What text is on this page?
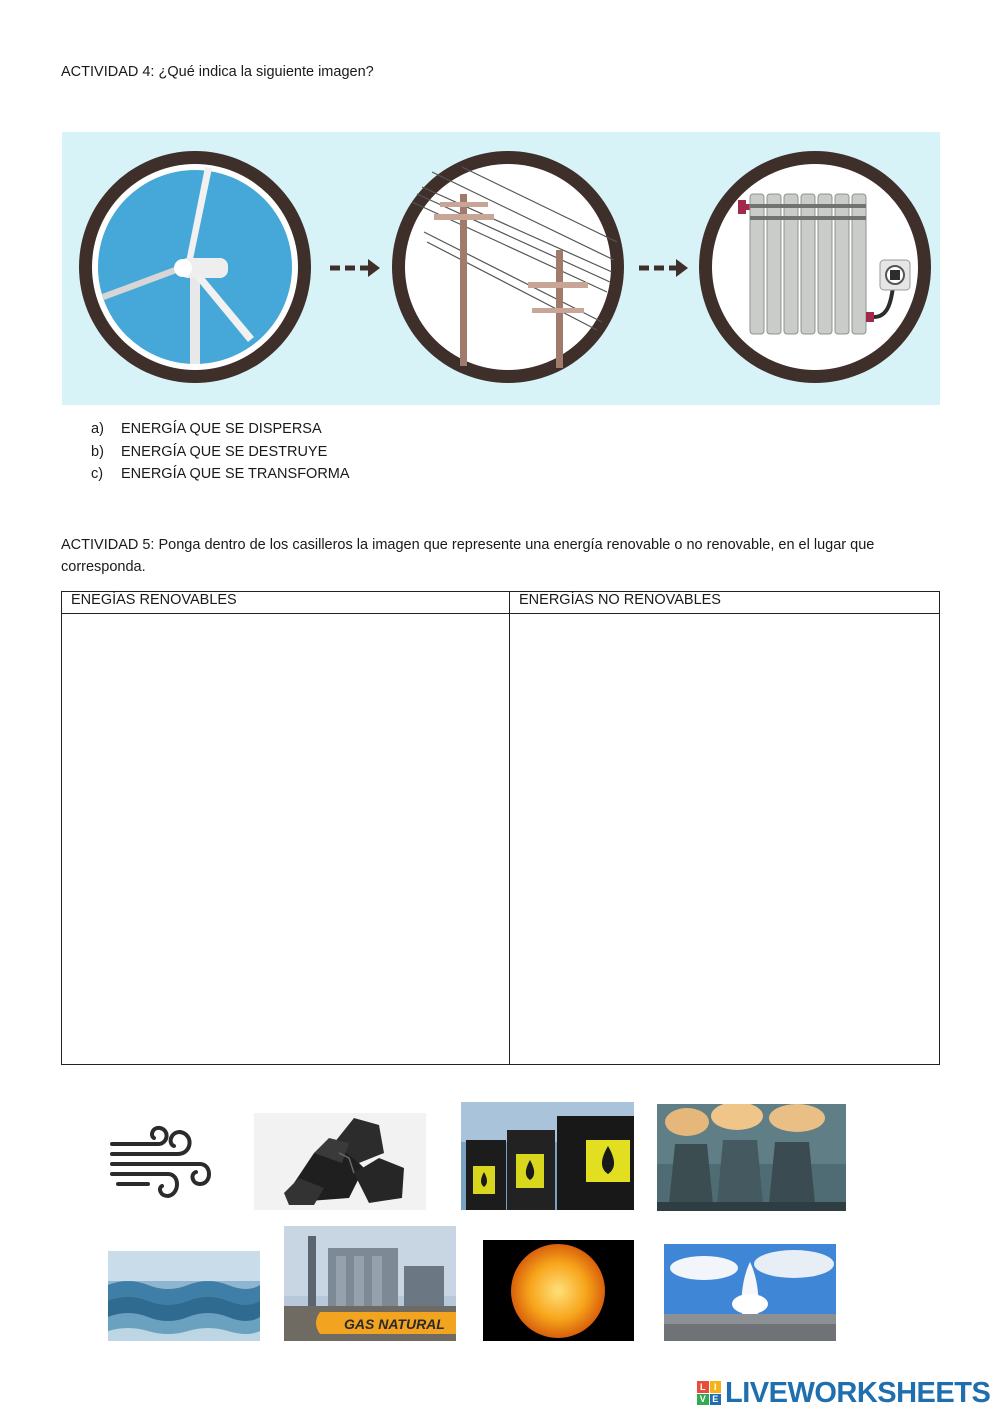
ACTIVIDAD 4: ¿Qué indica la siguiente imagen?
a) ENERGÍA QUE SE DISPERSA
b) ENERGÍA QUE SE DESTRUYE
c) ENERGÍA QUE SE TRANSFORMA
ACTIVIDAD 5: Ponga dentro de los casilleros la imagen que represente una energía renovable o no renovable, en el lugar que corresponda.
ENEGÍAS RENOVABLES	ENERGÍAS NO RENOVABLES

GAS NATURAL
L I
V E LIVEWORKSHEETS
